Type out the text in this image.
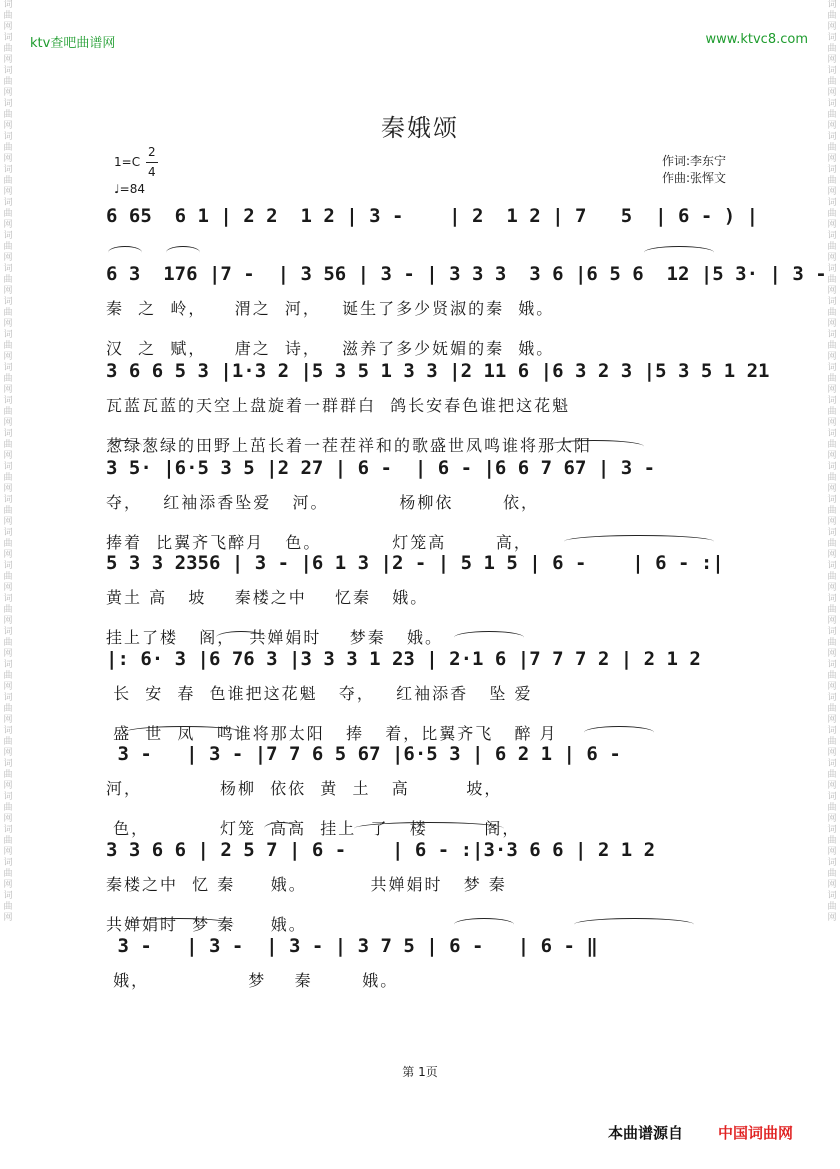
词曲网词曲网词曲网词曲网词曲网词曲网词曲网词曲网词曲网词曲网词曲网词曲网词曲网词曲网词曲网词曲网词曲网词曲网词曲网词曲网词曲网词曲网词曲网词曲网词曲网词曲网词曲网词曲网
词曲网词曲网词曲网词曲网词曲网词曲网词曲网词曲网词曲网词曲网词曲网词曲网词曲网词曲网词曲网词曲网词曲网词曲网词曲网词曲网词曲网词曲网词曲网词曲网词曲网词曲网词曲网词曲网
ktv查吧曲谱网	www.ktvc8.com
秦娥颂
1=C
2
4
♩=84
作词:李东宁
作曲:张恽文
6 65  6 1 | 2 2  1 2 | 3 -    | 2  1 2 | 7   5  | 6 - ) |
6 3  176 |7 -  | 3 56 | 3 - | 3 3 3  3 6 |6 5 6  12 |5 3· | 3 -
秦  之  岭，    渭之  河，   诞生了多少贤淑的秦  娥。
汉  之  赋，    唐之  诗，   滋养了多少妩媚的秦  娥。
3 6 6 5 3 |1·3 2 |5 3 5 1 3 3 |2 11 6 |6 3 2 3 |5 3 5 1 21
瓦蓝瓦蓝的天空上盘旋着一群群白  鸽长安春色谁把这花魁
葱绿葱绿的田野上茁长着一茬茬祥和的歌盛世凤鸣谁将那太阳
3 5· |6·5 3 5 |2 27 | 6 -  | 6 - |6 6 7 67 | 3 -
夺，   红袖添香坠爱   河。          杨柳依       依，
捧着  比翼齐飞醉月   色。          灯笼高       高，
5 3 3 2356 | 3 - |6 1 3 |2 - | 5 1 5 | 6 -    | 6 - :|
黄土 高   坡    秦楼之中    忆秦   娥。
挂上了楼   阁，  共婵娟时    梦秦   娥。
|: 6· 3 |6 76 3 |3 3 3 1 23 | 2·1 6 |7 7 7 2 | 2 1 2
长  安  春  色谁把这花魁   夺，   红袖添香   坠 爱
盛  世  凤   鸣谁将那太阳   捧   着，比翼齐飞   醉 月
3 -   | 3 - |7 7 6 5 67 |6·5 3 | 6 2 1 | 6 -
河，           杨柳  依依  黄  土   高        坡，
色，          灯笼  高高  挂上  了   楼        阁，
3 3 6 6 | 2 5 7 | 6 -    | 6 - :|3·3 6 6 | 2 1 2
秦楼之中  忆 秦     娥。         共婵娟时   梦 秦
共婵娟时  梦 秦     娥。
3 -   | 3 -  | 3 - | 3 7 5 | 6 -   | 6 - ‖
娥，              梦    秦       娥。
第 1页
本曲谱源自 中国词曲网
